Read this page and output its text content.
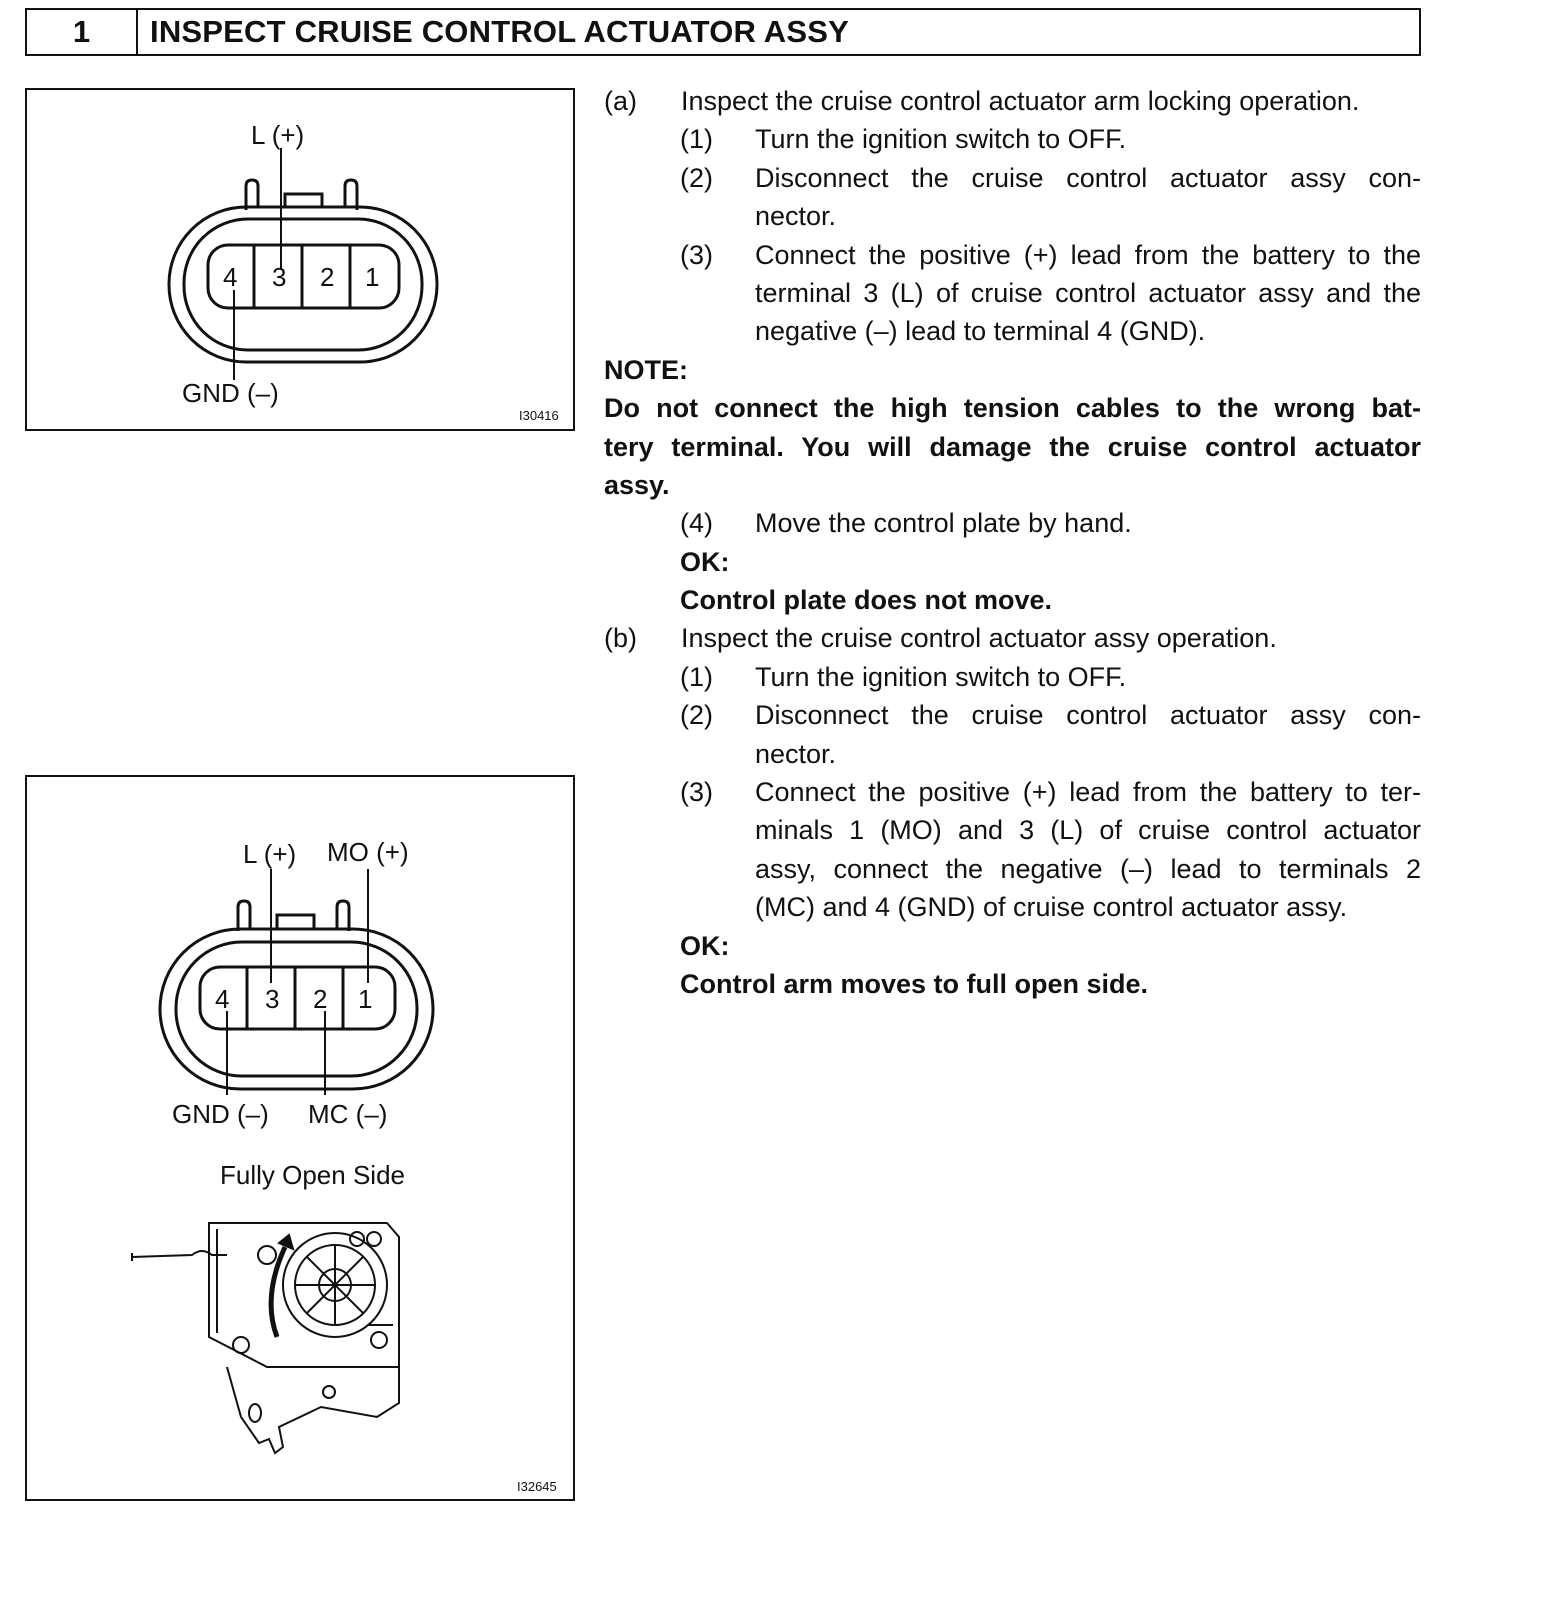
1	INSPECT CRUISE CONTROL ACTUATOR ASSY
4 3 2 1
L (+)
GND (–)
I30416
4 3 2 1
L (+) MO (+)
GND (–) MC (–)
Fully Open Side
I32645
(a) Inspect the cruise control actuator arm locking operation.
(1) Turn the ignition switch to OFF.
(2) Disconnect the cruise control actuator assy con-
nector.
(3) Connect the positive (+) lead from the battery to the
terminal 3 (L) of cruise control actuator assy and the
negative (–) lead to terminal 4 (GND).
NOTE:
Do not connect the high tension cables to the wrong bat-
tery terminal. You will damage the cruise control actuator
assy.
(4) Move the control plate by hand.
OK:
Control plate does not move.
(b) Inspect the cruise control actuator assy operation.
(1) Turn the ignition switch to OFF.
(2) Disconnect the cruise control actuator assy con-
nector.
(3) Connect the positive (+) lead from the battery to ter-
minals 1 (MO) and 3 (L) of cruise control actuator
assy, connect the negative (–) lead to terminals 2
(MC) and 4 (GND) of cruise control actuator assy.
OK:
Control arm moves to full open side.
